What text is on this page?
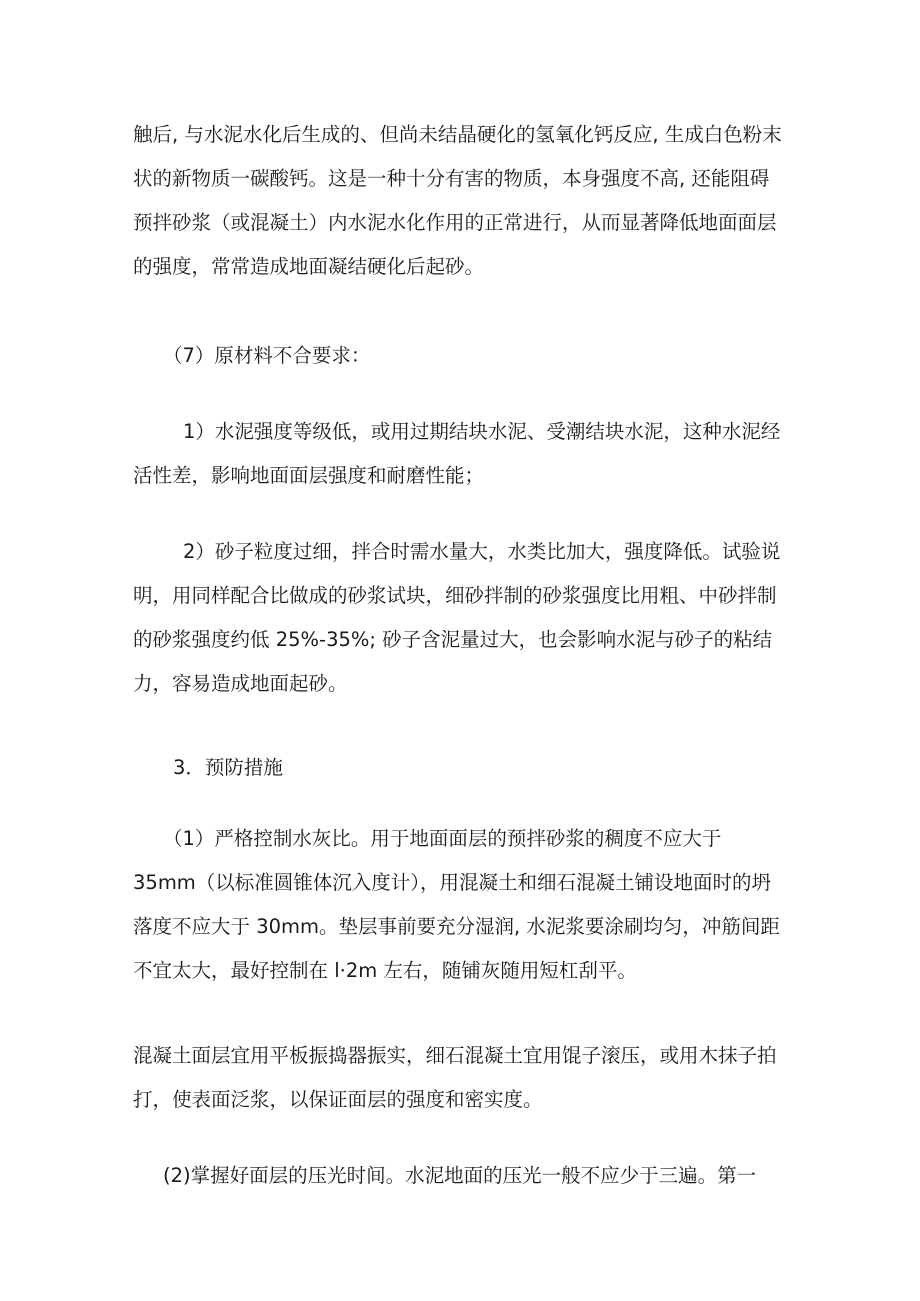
触后, 与水泥水化后生成的、但尚未结晶硬化的氢氧化钙反应, 生成白色粉末
状的新物质一碳酸钙。这是一种十分有害的物质，本身强度不高, 还能阻碍
预拌砂浆（或混凝土）内水泥水化作用的正常进行，从而显著降低地面面层
的强度，常常造成地面凝结硬化后起砂。

（7）原材料不合要求：

1）水泥强度等级低，或用过期结块水泥、受潮结块水泥，这种水泥经
活性差，影响地面面层强度和耐磨性能；

2）砂子粒度过细，拌合时需水量大，水类比加大，强度降低。试验说
明，用同样配合比做成的砂浆试块，细砂拌制的砂浆强度比用粗、中砂拌制
的砂浆强度约低 25%-35%; 砂子含泥量过大，也会影响水泥与砂子的粘结
力，容易造成地面起砂。

3．预防措施

（1）严格控制水灰比。用于地面面层的预拌砂浆的稠度不应大于
35mm（以标准圆锥体沉入度计），用混凝土和细石混凝土铺设地面时的坍
落度不应大于 30mm。垫层事前要充分湿润, 水泥浆要涂刷均匀，冲筋间距
不宜太大，最好控制在 l·2m 左右，随铺灰随用短杠刮平。

混凝土面层宜用平板振捣器振实，细石混凝土宜用馄子滚压，或用木抹子拍
打，使表面泛浆，以保证面层的强度和密实度。

(2)掌握好面层的压光时间。水泥地面的压光一般不应少于三遍。第一
